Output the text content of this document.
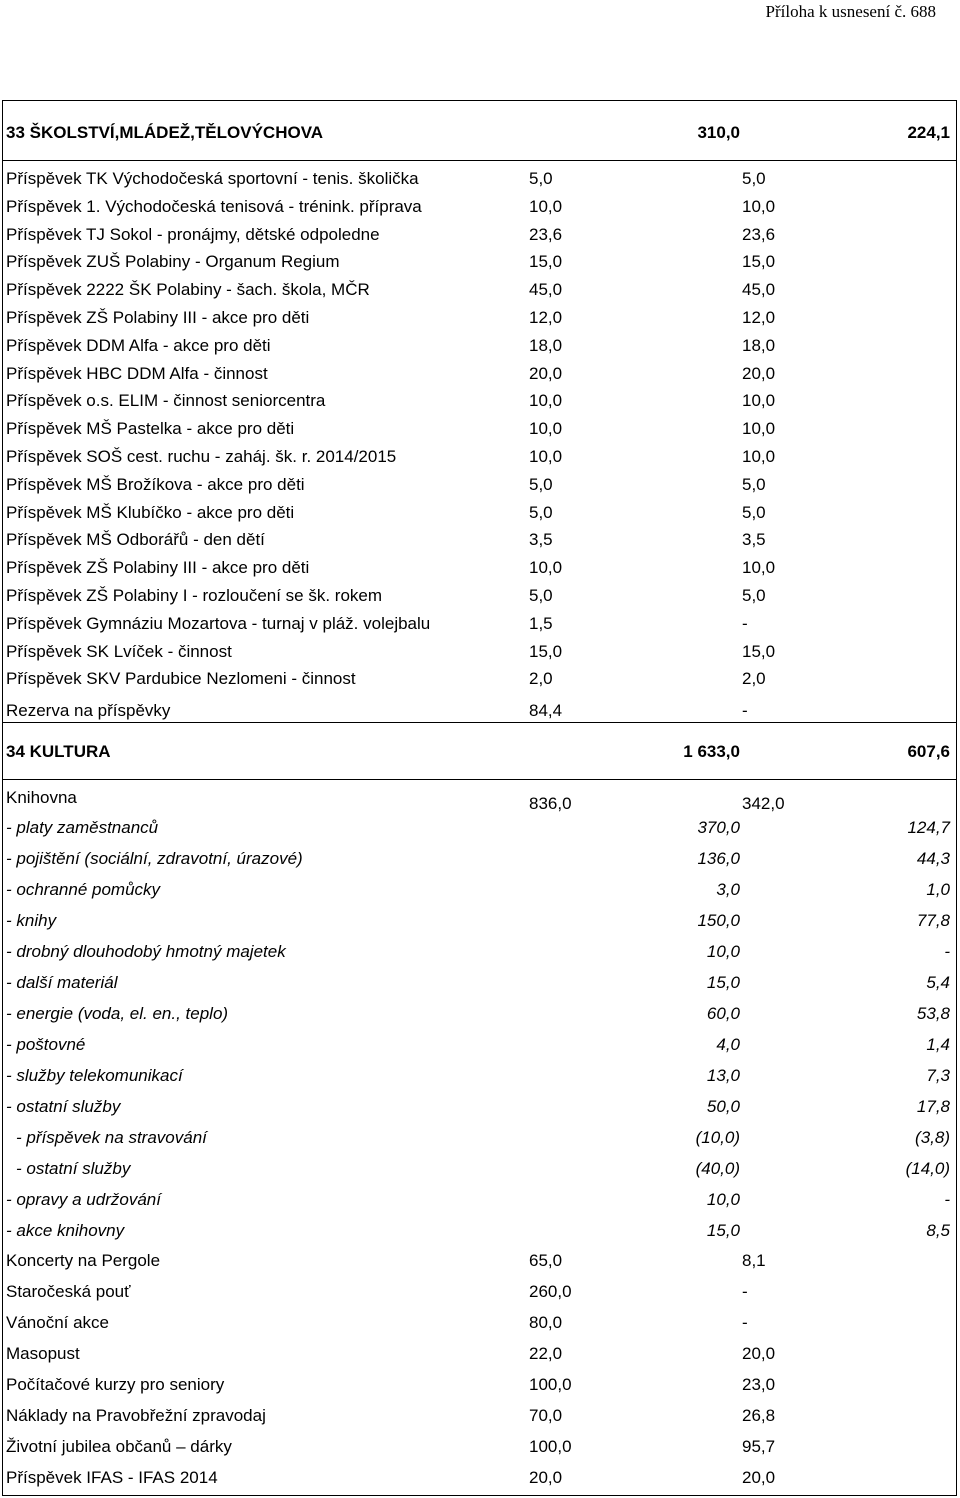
Příloha k usnesení č. 688
33 ŠKOLSTVÍ,MLÁDEŽ,TĚLOVÝCHOVA	310,0	224,1
Příspěvek TK Východočeská sportovní - tenis. školička	5,0	5,0
Příspěvek 1. Východočeská tenisová - trénink. příprava	10,0	10,0
Příspěvek TJ Sokol - pronájmy, dětské odpoledne	23,6	23,6
Příspěvek ZUŠ Polabiny - Organum Regium	15,0	15,0
Příspěvek 2222 ŠK Polabiny - šach. škola, MČR	45,0	45,0
Příspěvek ZŠ Polabiny III - akce pro děti	12,0	12,0
Příspěvek DDM Alfa - akce pro děti	18,0	18,0
Příspěvek HBC DDM Alfa - činnost	20,0	20,0
Příspěvek o.s. ELIM - činnost seniorcentra	10,0	10,0
Příspěvek MŠ Pastelka - akce pro děti	10,0	10,0
Příspěvek SOŠ cest. ruchu - zaháj. šk. r. 2014/2015	10,0	10,0
Příspěvek MŠ Brožíkova - akce pro děti	5,0	5,0
Příspěvek MŠ Klubíčko - akce pro děti	5,0	5,0
Příspěvek MŠ Odborářů - den dětí	3,5	3,5
Příspěvek ZŠ Polabiny III - akce pro děti	10,0	10,0
Příspěvek ZŠ Polabiny I - rozloučení se šk. rokem	5,0	5,0
Příspěvek Gymnáziu Mozartova - turnaj v pláž. volejbalu	1,5	-
Příspěvek SK Lvíček - činnost	15,0	15,0
Příspěvek SKV Pardubice Nezlomeni - činnost	2,0	2,0
Rezerva na příspěvky	84,4	-
34 KULTURA	1 633,0	607,6
Knihovna	836,0	342,0
- platy zaměstnanců	370,0	124,7
- pojištění (sociální, zdravotní, úrazové)	136,0	44,3
- ochranné pomůcky	3,0	1,0
- knihy	150,0	77,8
- drobný dlouhodobý hmotný majetek	10,0	-
- další materiál	15,0	5,4
- energie (voda, el. en., teplo)	60,0	53,8
- poštovné	4,0	1,4
- služby telekomunikací	13,0	7,3
- ostatní služby	50,0	17,8
- příspěvek na stravování	(10,0)	(3,8)
- ostatní služby	(40,0)	(14,0)
- opravy a udržování	10,0	-
- akce knihovny	15,0	8,5
Koncerty na Pergole	65,0	8,1
Staročeská pouť	260,0	-
Vánoční akce	80,0	-
Masopust	22,0	20,0
Počítačové kurzy pro seniory	100,0	23,0
Náklady na Pravobřežní zpravodaj	70,0	26,8
Životní jubilea občanů – dárky	100,0	95,7
Příspěvek IFAS - IFAS 2014	20,0	20,0
